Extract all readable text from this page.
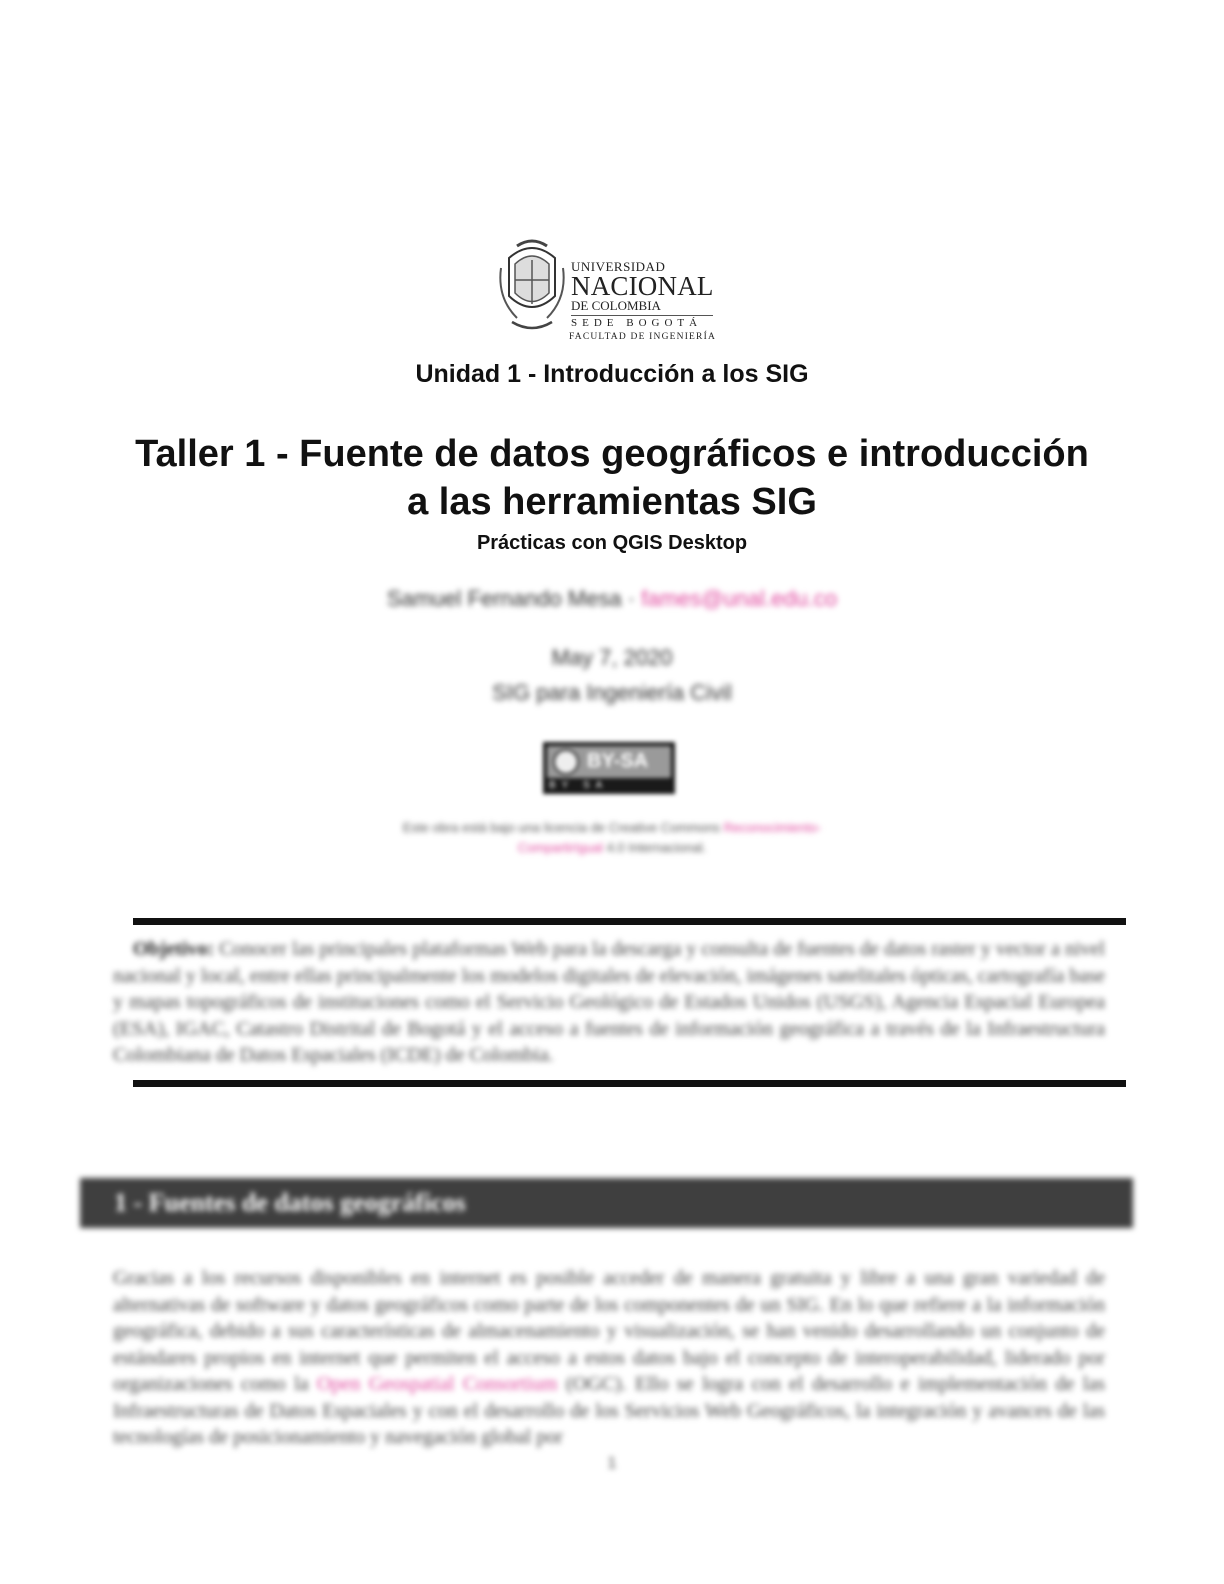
UNIVERSIDAD
NACIONAL
DE COLOMBIA
SEDE BOGOTÁ
FACULTAD DE INGENIERÍA
Unidad 1 - Introducción a los SIG
Taller 1 - Fuente de datos geográficos e introducción a las herramientas SIG
Prácticas con QGIS Desktop
Samuel Fernando Mesa · fames@unal.edu.co
May 7, 2020
SIG para Ingeniería Civil
BY-SA
BY SA
Este obra está bajo una licencia de Creative Commons Reconocimiento-CompartirIgual 4.0 Internacional.
Objetivo: Conocer las principales plataformas Web para la descarga y consulta de fuentes de datos raster y vector a nivel nacional y local, entre ellas principalmente los modelos digitales de elevación, imágenes satelitales ópticas, cartografía base y mapas topográficos de instituciones como el Servicio Geológico de Estados Unidos (USGS), Agencia Espacial Europea (ESA), IGAC, Catastro Distrital de Bogotá y el acceso a fuentes de información geográfica a través de la Infraestructura Colombiana de Datos Espaciales (ICDE) de Colombia.
1 - Fuentes de datos geográficos
Gracias a los recursos disponibles en internet es posible acceder de manera gratuita y libre a una gran variedad de alternativas de software y datos geográficos como parte de los componentes de un SIG. En lo que refiere a la información geográfica, debido a sus características de almacenamiento y visualización, se han venido desarrollando un conjunto de estándares propios en internet que permiten el acceso a estos datos bajo el concepto de interoperabilidad, liderado por organizaciones como la Open Geospatial Consortium (OGC). Ello se logra con el desarrollo e implementación de las Infraestructuras de Datos Espaciales y con el desarrollo de los Servicios Web Geográficos, la integración y avances de las tecnologías de posicionamiento y navegación global por
1
